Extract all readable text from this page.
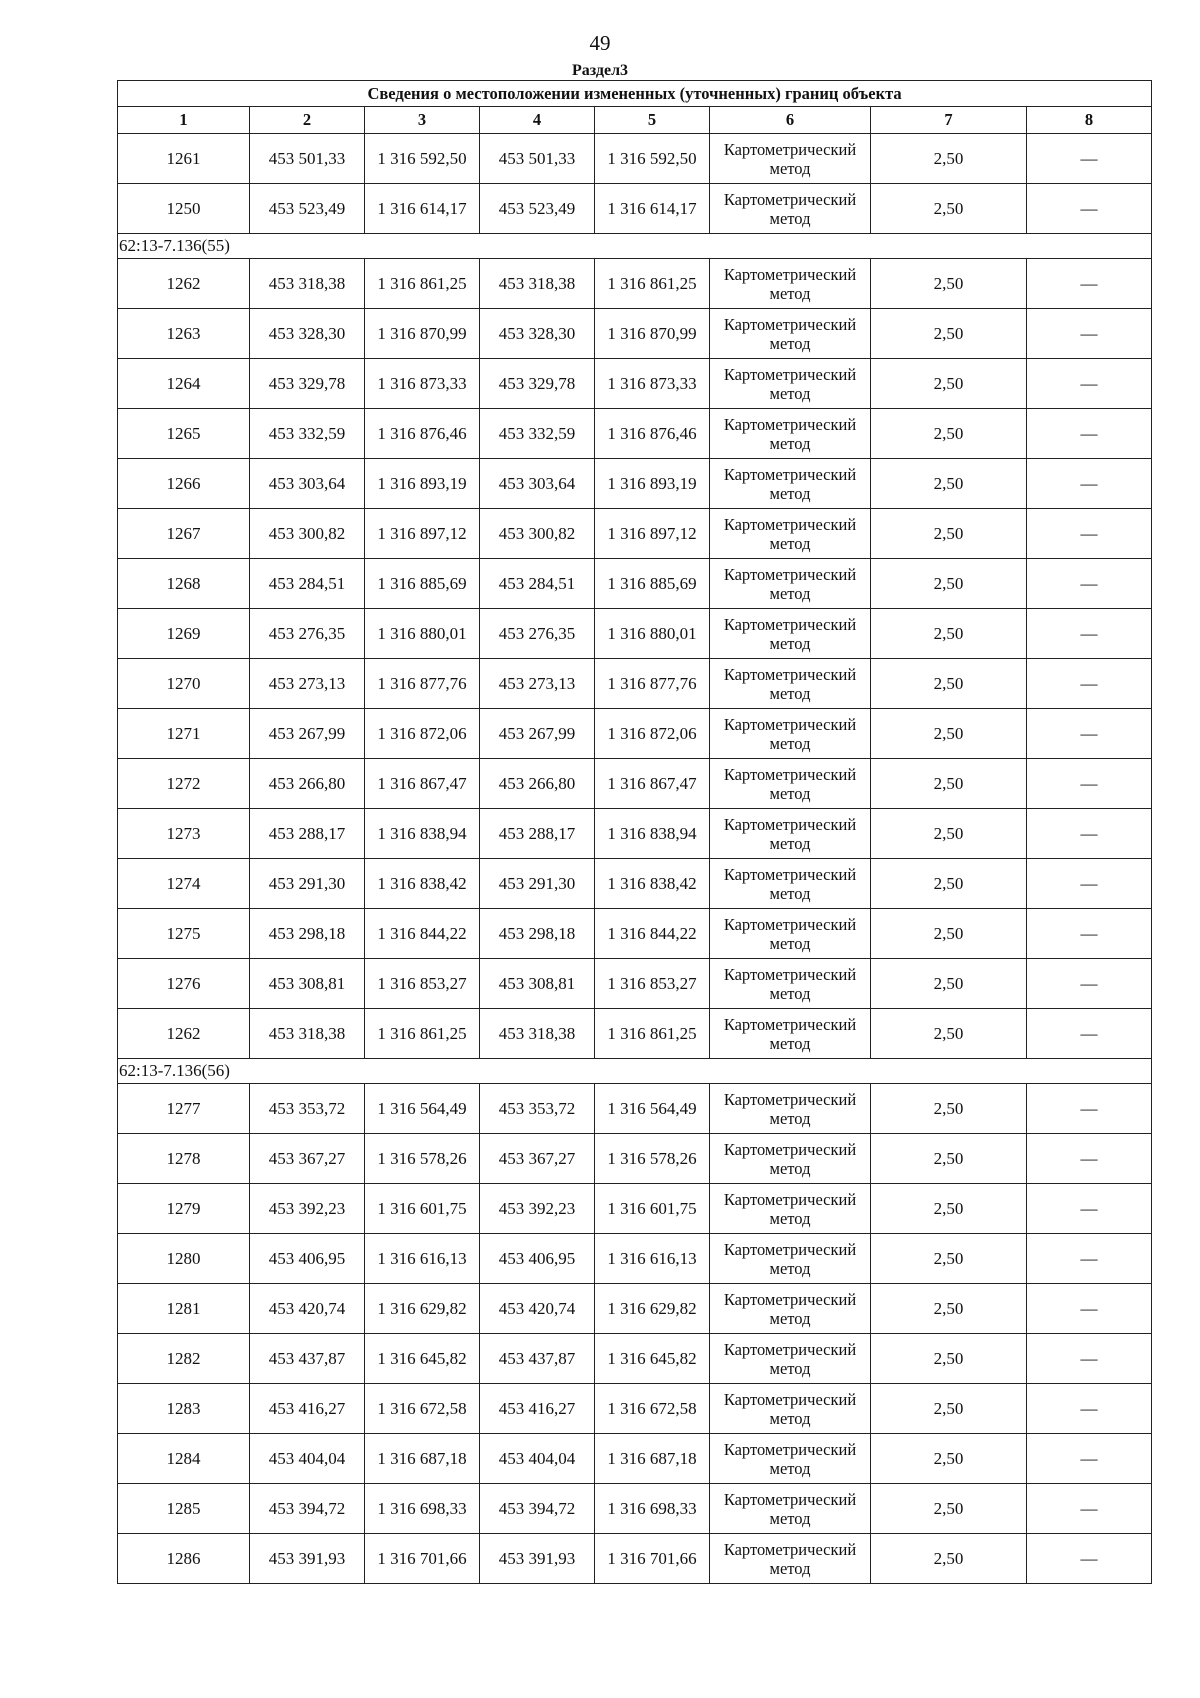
49
Раздел3
Сведения о местоположении измененных (уточненных) границ объекта							
1	2	3	4	5	6	7	8
1261	453 501,33	1 316 592,50	453 501,33	1 316 592,50	Картометрический метод	2,50	—
1250	453 523,49	1 316 614,17	453 523,49	1 316 614,17	Картометрический метод	2,50	—
62:13-7.136(55)							
1262	453 318,38	1 316 861,25	453 318,38	1 316 861,25	Картометрический метод	2,50	—
1263	453 328,30	1 316 870,99	453 328,30	1 316 870,99	Картометрический метод	2,50	—
1264	453 329,78	1 316 873,33	453 329,78	1 316 873,33	Картометрический метод	2,50	—
1265	453 332,59	1 316 876,46	453 332,59	1 316 876,46	Картометрический метод	2,50	—
1266	453 303,64	1 316 893,19	453 303,64	1 316 893,19	Картометрический метод	2,50	—
1267	453 300,82	1 316 897,12	453 300,82	1 316 897,12	Картометрический метод	2,50	—
1268	453 284,51	1 316 885,69	453 284,51	1 316 885,69	Картометрический метод	2,50	—
1269	453 276,35	1 316 880,01	453 276,35	1 316 880,01	Картометрический метод	2,50	—
1270	453 273,13	1 316 877,76	453 273,13	1 316 877,76	Картометрический метод	2,50	—
1271	453 267,99	1 316 872,06	453 267,99	1 316 872,06	Картометрический метод	2,50	—
1272	453 266,80	1 316 867,47	453 266,80	1 316 867,47	Картометрический метод	2,50	—
1273	453 288,17	1 316 838,94	453 288,17	1 316 838,94	Картометрический метод	2,50	—
1274	453 291,30	1 316 838,42	453 291,30	1 316 838,42	Картометрический метод	2,50	—
1275	453 298,18	1 316 844,22	453 298,18	1 316 844,22	Картометрический метод	2,50	—
1276	453 308,81	1 316 853,27	453 308,81	1 316 853,27	Картометрический метод	2,50	—
1262	453 318,38	1 316 861,25	453 318,38	1 316 861,25	Картометрический метод	2,50	—
62:13-7.136(56)							
1277	453 353,72	1 316 564,49	453 353,72	1 316 564,49	Картометрический метод	2,50	—
1278	453 367,27	1 316 578,26	453 367,27	1 316 578,26	Картометрический метод	2,50	—
1279	453 392,23	1 316 601,75	453 392,23	1 316 601,75	Картометрический метод	2,50	—
1280	453 406,95	1 316 616,13	453 406,95	1 316 616,13	Картометрический метод	2,50	—
1281	453 420,74	1 316 629,82	453 420,74	1 316 629,82	Картометрический метод	2,50	—
1282	453 437,87	1 316 645,82	453 437,87	1 316 645,82	Картометрический метод	2,50	—
1283	453 416,27	1 316 672,58	453 416,27	1 316 672,58	Картометрический метод	2,50	—
1284	453 404,04	1 316 687,18	453 404,04	1 316 687,18	Картометрический метод	2,50	—
1285	453 394,72	1 316 698,33	453 394,72	1 316 698,33	Картометрический метод	2,50	—
1286	453 391,93	1 316 701,66	453 391,93	1 316 701,66	Картометрический метод	2,50	—
